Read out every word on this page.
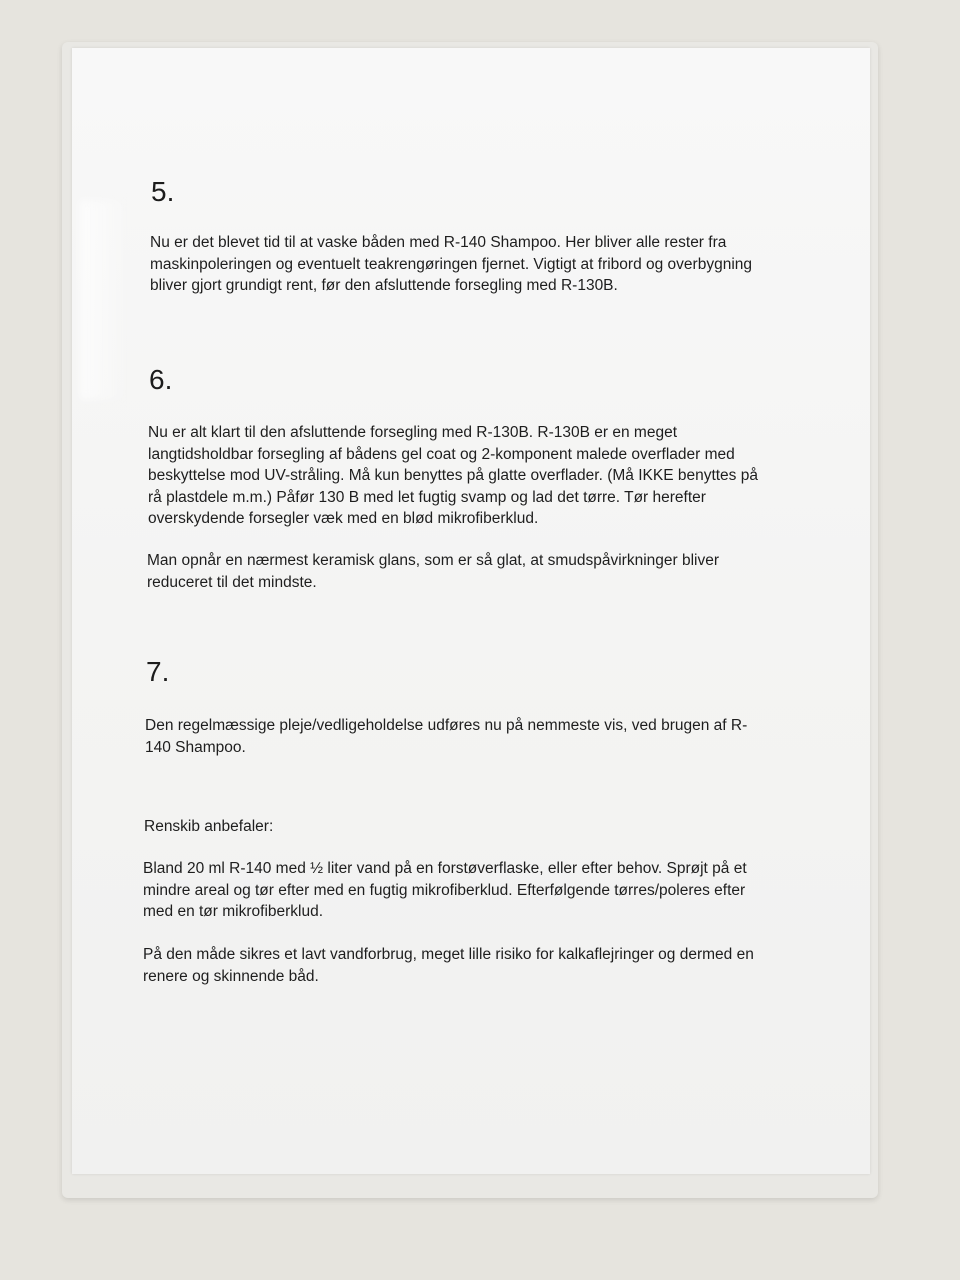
5.
Nu er det blevet tid til at vaske båden med R-140 Shampoo. Her bliver alle rester fra
maskinpoleringen og eventuelt teakrengøringen fjernet. Vigtigt at fribord og overbygning
bliver gjort grundigt rent, før den afsluttende forsegling med R-130B.
6.
Nu er alt klart til den afsluttende forsegling med R-130B. R-130B er en meget
langtidsholdbar forsegling af bådens gel coat og 2-komponent malede overflader med
beskyttelse mod UV-stråling. Må kun benyttes på glatte overflader. (Må IKKE benyttes på
rå plastdele m.m.) Påfør 130 B med let fugtig svamp og lad det tørre. Tør herefter
overskydende forsegler væk med en blød mikrofiberklud.
Man opnår en nærmest keramisk glans, som er så glat, at smudspåvirkninger bliver
reduceret til det mindste.
7.
Den regelmæssige pleje/vedligeholdelse udføres nu på nemmeste vis, ved brugen af R-
140 Shampoo.
Renskib anbefaler:
Bland 20 ml R-140 med ½ liter vand på en forstøverflaske, eller efter behov. Sprøjt på et
mindre areal og tør efter med en fugtig mikrofiberklud. Efterfølgende tørres/poleres efter
med en tør mikrofiberklud.
På den måde sikres et lavt vandforbrug, meget lille risiko for kalkaflejringer og dermed en
renere og skinnende båd.
